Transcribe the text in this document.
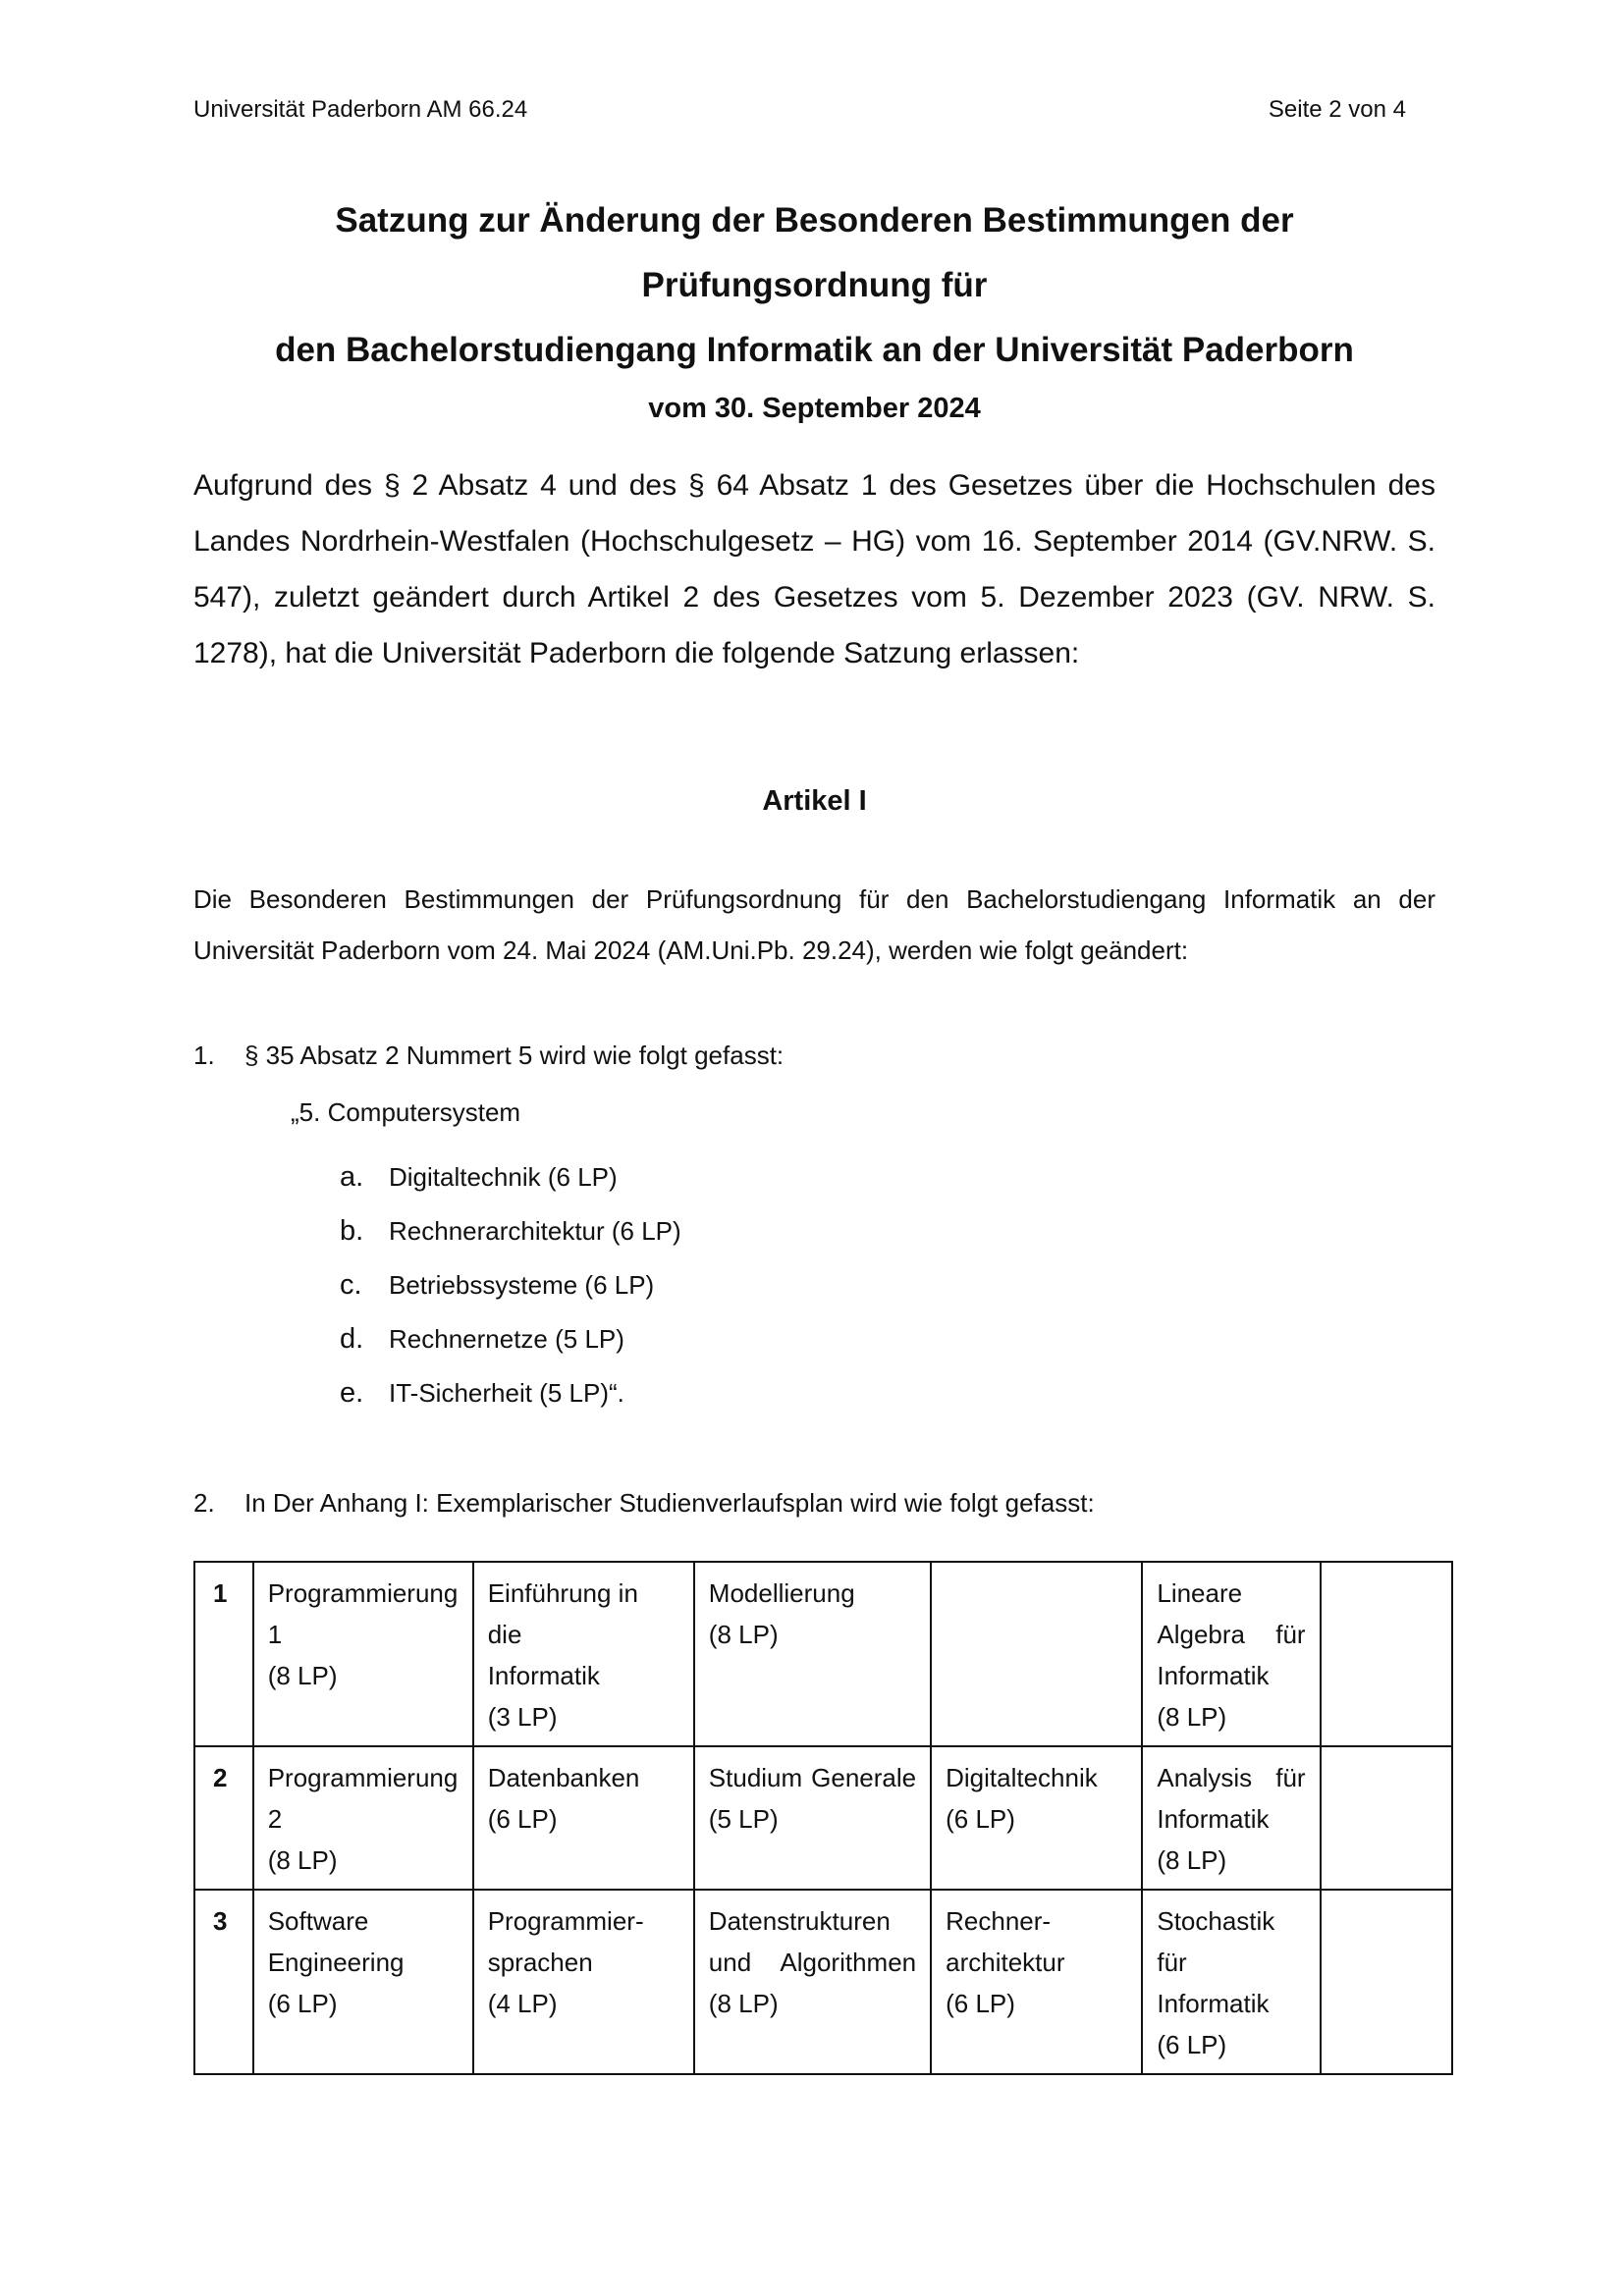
Universität Paderborn AM 66.24	Seite 2 von 4
Satzung zur Änderung der Besonderen Bestimmungen der Prüfungsordnung für
den Bachelorstudiengang Informatik an der Universität Paderborn
vom 30. September 2024
Aufgrund des § 2 Absatz 4 und des § 64 Absatz 1 des Gesetzes über die Hochschulen des Landes Nordrhein-Westfalen (Hochschulgesetz – HG) vom 16. September 2014 (GV.NRW. S. 547), zuletzt geändert durch Artikel 2 des Gesetzes vom 5. Dezember 2023 (GV. NRW. S. 1278), hat die Universität Paderborn die folgende Satzung erlassen:
Artikel I
Die Besonderen Bestimmungen der Prüfungsordnung für den Bachelorstudiengang Informatik an der Universität Paderborn vom 24. Mai 2024 (AM.Uni.Pb. 29.24), werden wie folgt geändert:
1. § 35 Absatz 2 Nummert 5 wird wie folgt gefasst:
„5. Computersystem
a. Digitaltechnik (6 LP)
b. Rechnerarchitektur (6 LP)
c. Betriebssysteme (6 LP)
d. Rechnernetze (5 LP)
e. IT-Sicherheit (5 LP)“.
2. In Der Anhang I: Exemplarischer Studienverlaufsplan wird wie folgt gefasst:
1	Programmierung
1
(8 LP)	Einführung in die
Informatik
(3 LP)	Modellierung
(8 LP)		Lineare
Algebra für
Informatik
(8 LP)	

2	Programmierung
2
(8 LP)	Datenbanken
(6 LP)	Studium Generale
(5 LP)	Digitaltechnik
(6 LP)	Analysis für
Informatik
(8 LP)	

3	Software
Engineering
(6 LP)	Programmier-
sprachen
(4 LP)	Datenstrukturen
und Algorithmen
(8 LP)	Rechner-
architektur
(6 LP)	Stochastik für
Informatik
(6 LP)	
